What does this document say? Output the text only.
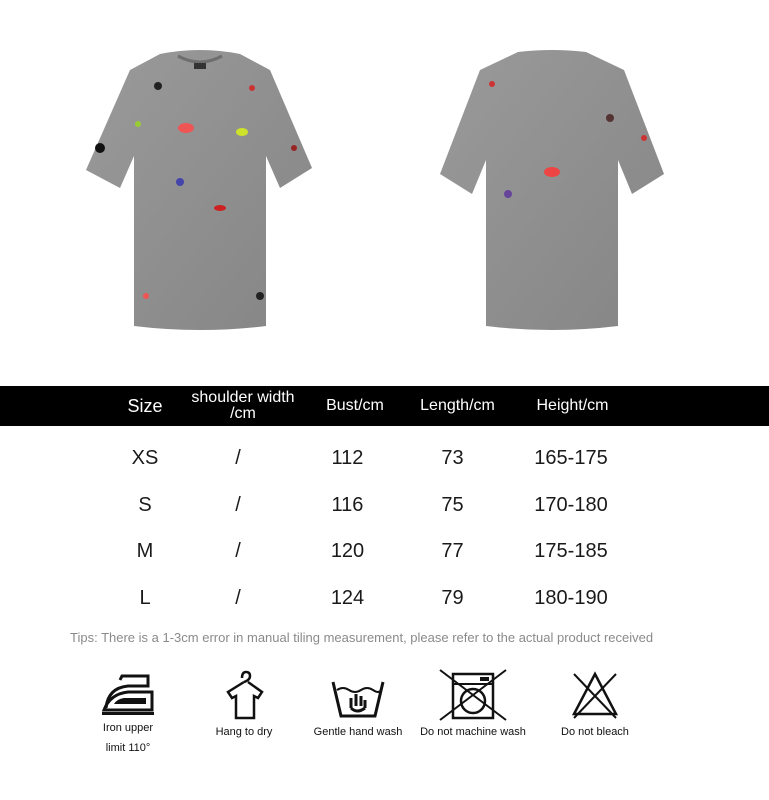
Size	shoulder width /cm	Bust/cm	Length/cm	Height/cm
XS	/	112	73	165-175
S	/	116	75	170-180
M	/	120	77	175-185
L	/	124	79	180-190
Tips: There is a 1-3cm error in manual tiling measurement, please refer to the actual product received
Iron upper limit 110°
Hang to dry	Gentle hand wash	Do not machine wash	Do not bleach
